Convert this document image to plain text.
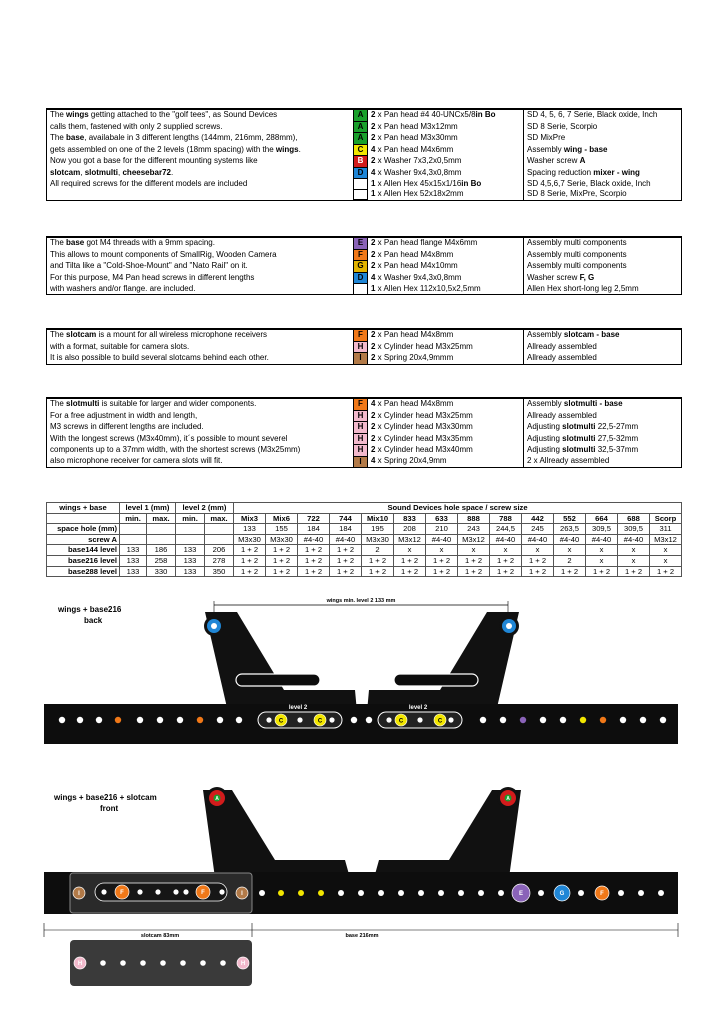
The wings getting attached to the "golf tees", as Sound Devices	A	2 x Pan head #4 40-UNCx5/8in Bo	SD 4, 5, 6, 7 Serie, Black oxide, Inch
calls them, fastened with only 2 supplied screws.	A	2 x Pan head M3x12mm	SD 8 Serie, Scorpio
The base, availabale in 3 different lengths (144mm, 216mm, 288mm),	A	2 x Pan head M3x30mm	SD MixPre
gets assembled on one of the 2 levels (18mm spacing) with the wings.	C	4 x Pan head M4x6mm	Assembly wing - base
Now you got a base for the different mounting systems like	B	2 x Washer 7x3,2x0,5mm	Washer screw A
slotcam, slotmulti, cheesebar72.	D	4 x Washer 9x4,3x0,8mm	Spacing reduction mixer - wing
All required screws for the different models are included		1 x Allen Hex 45x15x1/16in Bo	SD 4,5,6,7 Serie, Black oxide, Inch
		1 x Allen Hex 52x18x2mm	SD 8 Serie, MixPre, Scorpio

The base got M4 threads with a 9mm spacing.	E	2 x Pan head flange M4x6mm	Assembly multi components
This allows to mount components of SmallRig, Wooden Camera	F	2 x Pan head M4x8mm	Assembly multi components
and Tilta like a "Cold-Shoe-Mount" and "Nato Rail" on it.	G	2 x Pan head M4x10mm	Assembly multi components
For this purpose, M4 Pan head screws in different lengths	D	4 x Washer 9x4,3x0,8mm	Washer screw F, G
with washers and/or flange. are included.		1 x Allen Hex 112x10,5x2,5mm	Allen Hex short-long leg 2,5mm

The slotcam is a mount for all wireless microphone receivers	F	2 x Pan head M4x8mm	Assembly slotcam - base
with a format, suitable for camera slots.	H	2 x Cylinder head M3x25mm	Allready assembled
It is also possible to build several slotcams behind each other.	I	2 x Spring 20x4,9mmm	Allready assembled

The slotmulti is suitable for larger and wider components.	F	4 x Pan head M4x8mm	Assembly slotmulti - base
For a free adjustment in width and length,	H	2 x Cylinder head M3x25mm	Allready assembled
M3 screws in different lengths are included.	H	2 x Cylinder head M3x30mm	Adjusting slotmulti 22,5-27mm
With the longest screws (M3x40mm), it´s possible to mount severel	H	2 x Cylinder head M3x35mm	Adjusting slotmulti 27,5-32mm
components up to a 37mm width, with the shortest screws (M3x25mm)	H	2 x Cylinder head M3x40mm	Adjusting slotmulti 32,5-37mm
also microphone receiver for camera slots will fit.	I	4 x Spring 20x4,9mm	2 x Allready assembled
wings + base	level 1 (mm)		level 2 (mm)		Sound Devices hole space / screw size													
	min.	max.	min.	max.	Mix3	Mix6	722	744	Mix10	833	633	888	788	442	552	664	688	Scorp
space hole (mm)					133	155	184	184	195	208	210	243	244,5	245	263,5	309,5	309,5	311
screw A					M3x30	M3x30	#4-40	#4-40	M3x30	M3x12	#4-40	M3x12	#4-40	#4-40	#4-40	#4-40	#4-40	M3x12
base144 level	133	186	133	206	1 + 2	1 + 2	1 + 2	1 + 2	2	x	x	x	x	x	x	x	x	x
base216 level	133	258	133	278	1 + 2	1 + 2	1 + 2	1 + 2	1 + 2	1 + 2	1 + 2	1 + 2	1 + 2	1 + 2	2	x	x	x
base288 level	133	330	133	350	1 + 2	1 + 2	1 + 2	1 + 2	1 + 2	1 + 2	1 + 2	1 + 2	1 + 2	1 + 2	1 + 2	1 + 2	1 + 2	1 + 2
wings + base216
back
wings min. level 2 133 mm
level 1	level 1
level 2	level 2
C	C	C	C
wings + base216 + slotcam
front
A	A
I	I
F	F	E	G	F
slotcam 83mm	base 216mm
H	H
